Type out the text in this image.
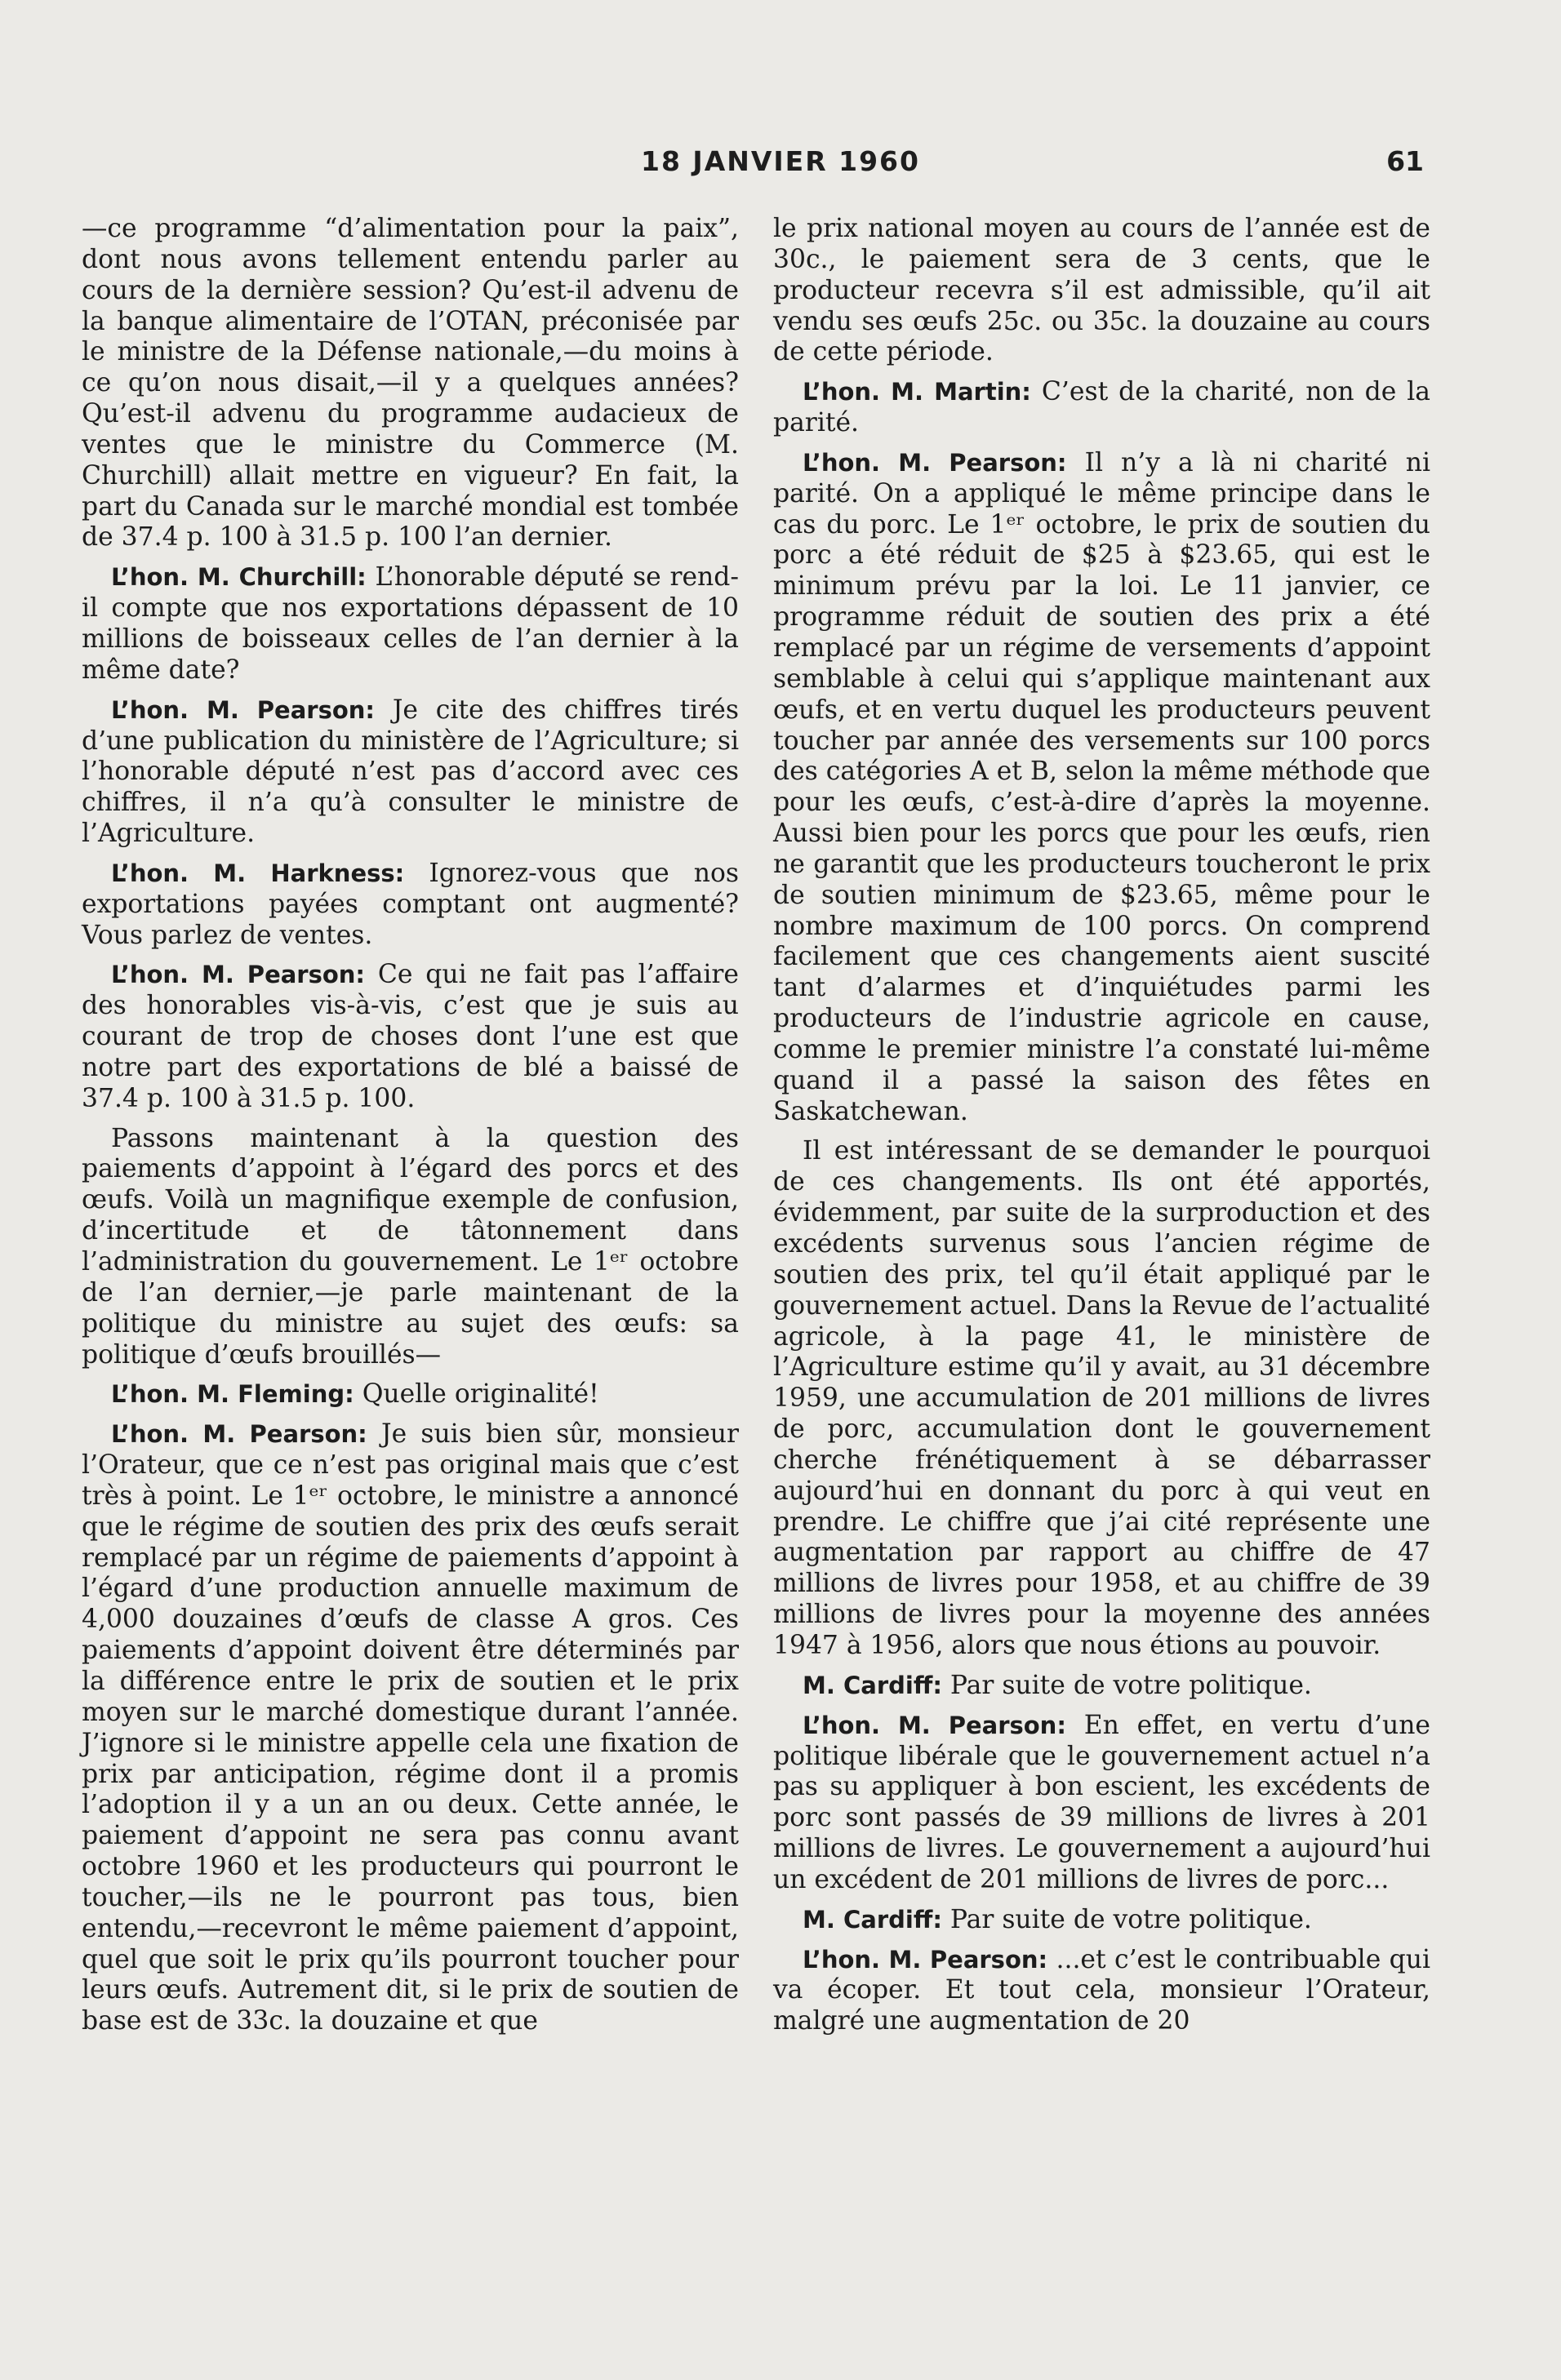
18 JANVIER 1960	61

—ce programme “d’alimentation pour la paix”, dont nous avons tellement entendu parler au cours de la dernière session? Qu’est-il advenu de la banque alimentaire de l’OTAN, préconisée par le ministre de la Défense nationale,—du moins à ce qu’on nous disait,—il y a quelques années? Qu’est-il advenu du programme audacieux de ventes que le ministre du Commerce (M. Churchill) allait mettre en vigueur? En fait, la part du Canada sur le marché mondial est tombée de 37.4 p. 100 à 31.5 p. 100 l’an dernier.

L’hon. M. Churchill: L’honorable député se rend-il compte que nos exportations dépassent de 10 millions de boisseaux celles de l’an dernier à la même date?

L’hon. M. Pearson: Je cite des chiffres tirés d’une publication du ministère de l’Agriculture; si l’honorable député n’est pas d’accord avec ces chiffres, il n’a qu’à consulter le ministre de l’Agriculture.

L’hon. M. Harkness: Ignorez-vous que nos exportations payées comptant ont augmenté? Vous parlez de ventes.

L’hon. M. Pearson: Ce qui ne fait pas l’affaire des honorables vis-à-vis, c’est que je suis au courant de trop de choses dont l’une est que notre part des exportations de blé a baissé de 37.4 p. 100 à 31.5 p. 100.

Passons maintenant à la question des paiements d’appoint à l’égard des porcs et des œufs. Voilà un magnifique exemple de confusion, d’incertitude et de tâtonnement dans l’administration du gouvernement. Le 1ᵉʳ octobre de l’an dernier,—je parle maintenant de la politique du ministre au sujet des œufs: sa politique d’œufs brouillés—

L’hon. M. Fleming: Quelle originalité!

L’hon. M. Pearson: Je suis bien sûr, monsieur l’Orateur, que ce n’est pas original mais que c’est très à point. Le 1ᵉʳ octobre, le ministre a annoncé que le régime de soutien des prix des œufs serait remplacé par un régime de paiements d’appoint à l’égard d’une production annuelle maximum de 4,000 douzaines d’œufs de classe A gros. Ces paiements d’appoint doivent être déterminés par la différence entre le prix de soutien et le prix moyen sur le marché domestique durant l’année. J’ignore si le ministre appelle cela une fixation de prix par anticipation, régime dont il a promis l’adoption il y a un an ou deux. Cette année, le paiement d’appoint ne sera pas connu avant octobre 1960 et les producteurs qui pourront le toucher,—ils ne le pourront pas tous, bien entendu,—recevront le même paiement d’appoint, quel que soit le prix qu’ils pourront toucher pour leurs œufs. Autrement dit, si le prix de soutien de base est de 33c. la douzaine et que

le prix national moyen au cours de l’année est de 30c., le paiement sera de 3 cents, que le producteur recevra s’il est admissible, qu’il ait vendu ses œufs 25c. ou 35c. la douzaine au cours de cette période.

L’hon. M. Martin: C’est de la charité, non de la parité.

L’hon. M. Pearson: Il n’y a là ni charité ni parité. On a appliqué le même principe dans le cas du porc. Le 1ᵉʳ octobre, le prix de soutien du porc a été réduit de $25 à $23.65, qui est le minimum prévu par la loi. Le 11 janvier, ce programme réduit de soutien des prix a été remplacé par un régime de versements d’appoint semblable à celui qui s’applique maintenant aux œufs, et en vertu duquel les producteurs peuvent toucher par année des versements sur 100 porcs des catégories A et B, selon la même méthode que pour les œufs, c’est-à-dire d’après la moyenne. Aussi bien pour les porcs que pour les œufs, rien ne garantit que les producteurs toucheront le prix de soutien minimum de $23.65, même pour le nombre maximum de 100 porcs. On comprend facilement que ces changements aient suscité tant d’alarmes et d’inquiétudes parmi les producteurs de l’industrie agricole en cause, comme le premier ministre l’a constaté lui-même quand il a passé la saison des fêtes en Saskatchewan.

Il est intéressant de se demander le pourquoi de ces changements. Ils ont été apportés, évidemment, par suite de la surproduction et des excédents survenus sous l’ancien régime de soutien des prix, tel qu’il était appliqué par le gouvernement actuel. Dans la Revue de l’actualité agricole, à la page 41, le ministère de l’Agriculture estime qu’il y avait, au 31 décembre 1959, une accumulation de 201 millions de livres de porc, accumulation dont le gouvernement cherche frénétiquement à se débarrasser aujourd’hui en donnant du porc à qui veut en prendre. Le chiffre que j’ai cité représente une augmentation par rapport au chiffre de 47 millions de livres pour 1958, et au chiffre de 39 millions de livres pour la moyenne des années 1947 à 1956, alors que nous étions au pouvoir.

M. Cardiff: Par suite de votre politique.

L’hon. M. Pearson: En effet, en vertu d’une politique libérale que le gouvernement actuel n’a pas su appliquer à bon escient, les excédents de porc sont passés de 39 millions de livres à 201 millions de livres. Le gouvernement a aujourd’hui un excédent de 201 millions de livres de porc...

M. Cardiff: Par suite de votre politique.

L’hon. M. Pearson: ...et c’est le contribuable qui va écoper. Et tout cela, monsieur l’Orateur, malgré une augmentation de 20
